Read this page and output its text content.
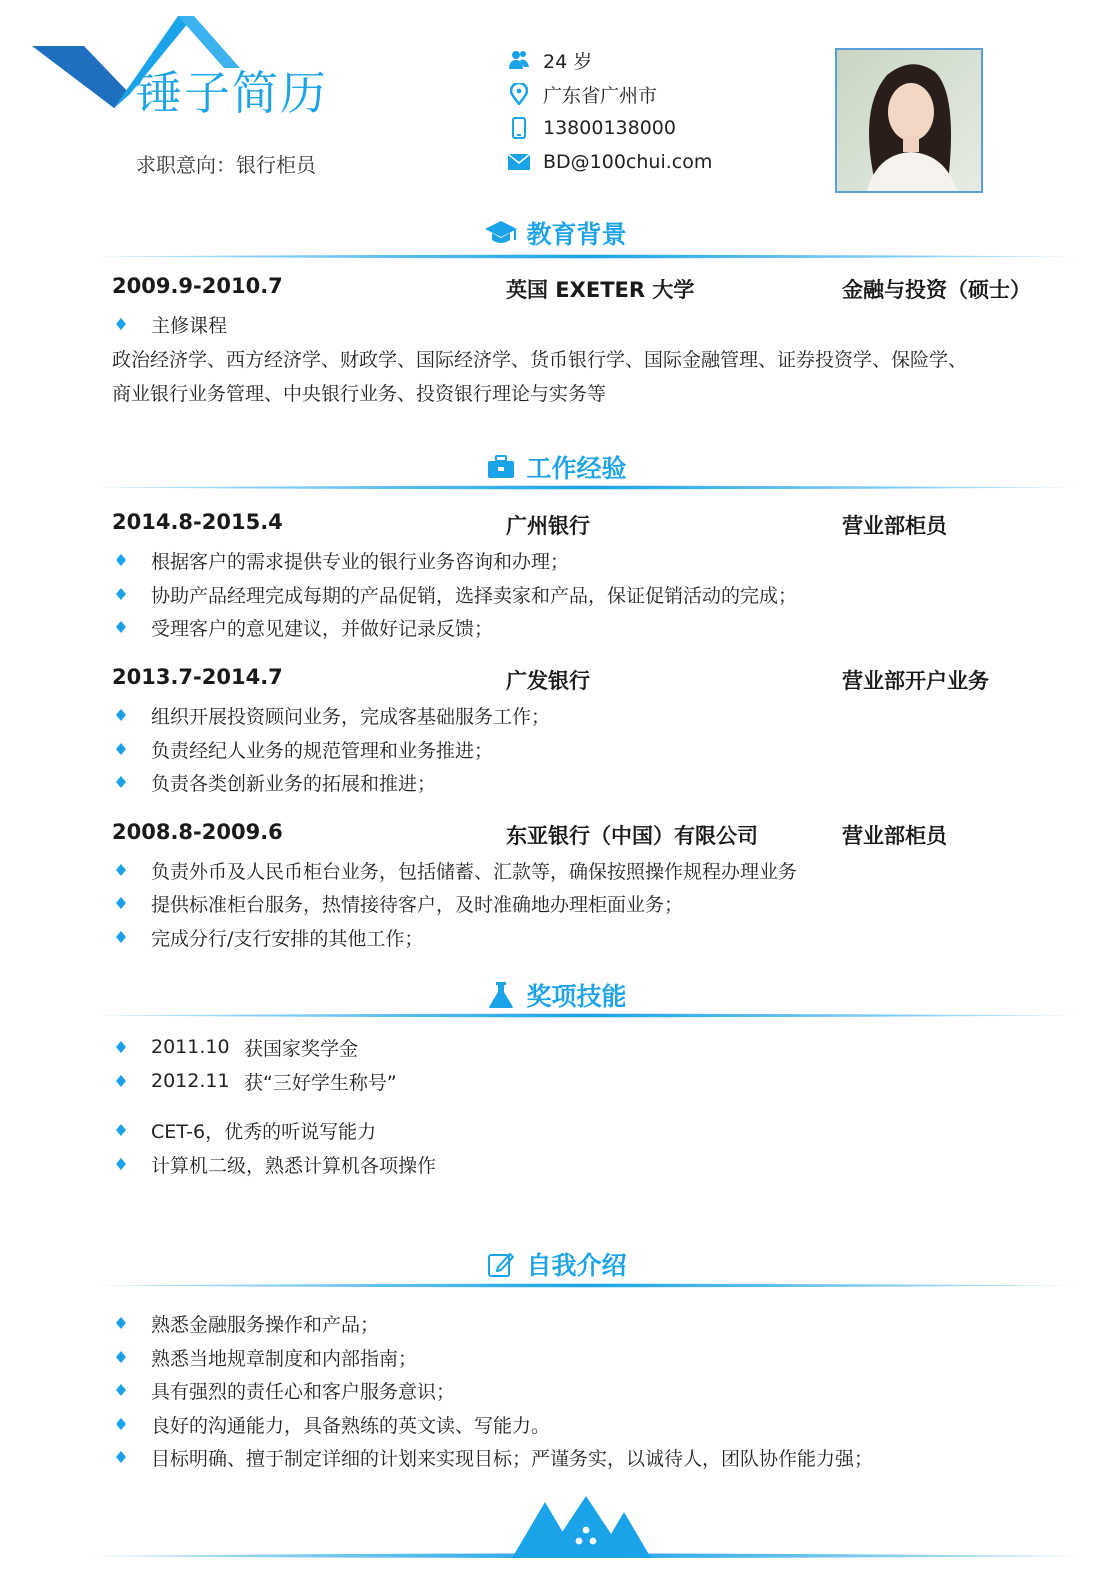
锤子简历
求职意向：银行柜员
24 岁
广东省广州市
13800138000
BD@100chui.com
教育背景
2009.9-2010.7	英国 EXETER 大学	金融与投资（硕士）
主修课程
政治经济学、西方经济学、财政学、国际经济学、货币银行学、国际金融管理、证券投资学、保险学、
商业银行业务管理、中央银行业务、投资银行理论与实务等
工作经验
2014.8-2015.4	广州银行	营业部柜员
根据客户的需求提供专业的银行业务咨询和办理；
协助产品经理完成每期的产品促销，选择卖家和产品，保证促销活动的完成；
受理客户的意见建议，并做好记录反馈；
2013.7-2014.7	广发银行	营业部开户业务
组织开展投资顾问业务，完成客基础服务工作；
负责经纪人业务的规范管理和业务推进；
负责各类创新业务的拓展和推进；
2008.8-2009.6	东亚银行（中国）有限公司	营业部柜员
负责外币及人民币柜台业务，包括储蓄、汇款等，确保按照操作规程办理业务
提供标准柜台服务，热情接待客户，及时准确地办理柜面业务；
完成分行/支行安排的其他工作；
奖项技能
2011.10 获国家奖学金
2012.11 获“三好学生称号”
CET-6，优秀的听说写能力
计算机二级，熟悉计算机各项操作
自我介绍
熟悉金融服务操作和产品；
熟悉当地规章制度和内部指南；
具有强烈的责任心和客户服务意识；
良好的沟通能力，具备熟练的英文读、写能力。
目标明确、擅于制定详细的计划来实现目标；严谨务实，以诚待人，团队协作能力强；
